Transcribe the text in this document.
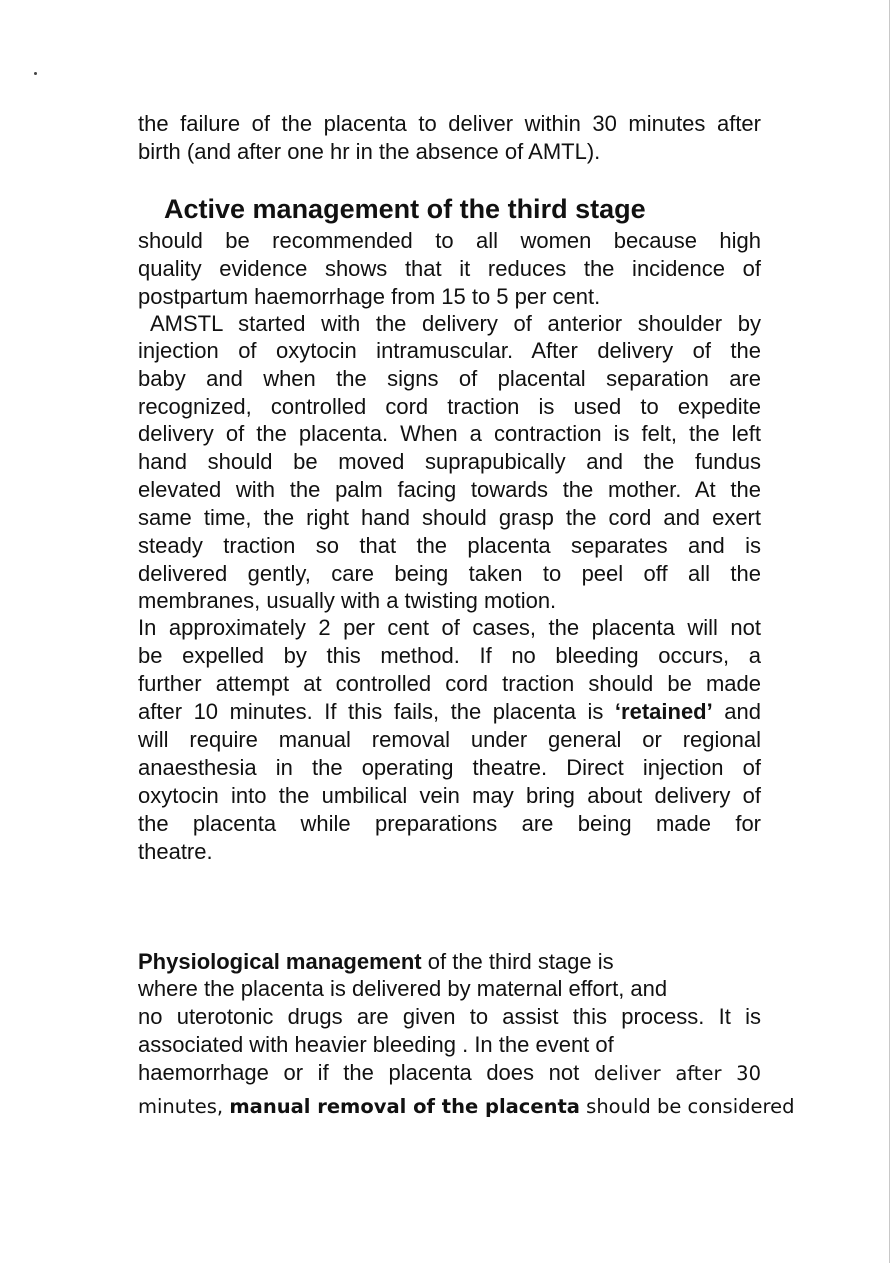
the failure of the placenta to deliver within 30 minutes after
birth (and after one hr in the absence of AMTL).
Active management of the third stage
should be recommended to all women because high
quality evidence shows that it reduces the incidence of
postpartum haemorrhage from 15 to 5 per cent.
AMSTL started with the delivery of anterior shoulder by
injection of oxytocin intramuscular. After delivery of the
baby and when the signs of placental separation are
recognized, controlled cord traction is used to expedite
delivery of the placenta. When a contraction is felt, the left
hand should be moved suprapubically and the fundus
elevated with the palm facing towards the mother. At the
same time, the right hand should grasp the cord and exert
steady traction so that the placenta separates and is
delivered gently, care being taken to peel off all the
membranes, usually with a twisting motion.
In approximately 2 per cent of cases, the placenta will not
be expelled by this method. If no bleeding occurs, a
further attempt at controlled cord traction should be made
after 10 minutes. If this fails, the placenta is ‘retained’ and
will require manual removal under general or regional
anaesthesia in the operating theatre. Direct injection of
oxytocin into the umbilical vein may bring about delivery of
the placenta while preparations are being made for
theatre.
Physiological management of the third stage is
where the placenta is delivered by maternal effort, and
no uterotonic drugs are given to assist this process. It is
associated with heavier bleeding . In the event of
haemorrhage or if the placenta does not deliver after 30
minutes, manual removal of the placenta should be considered
